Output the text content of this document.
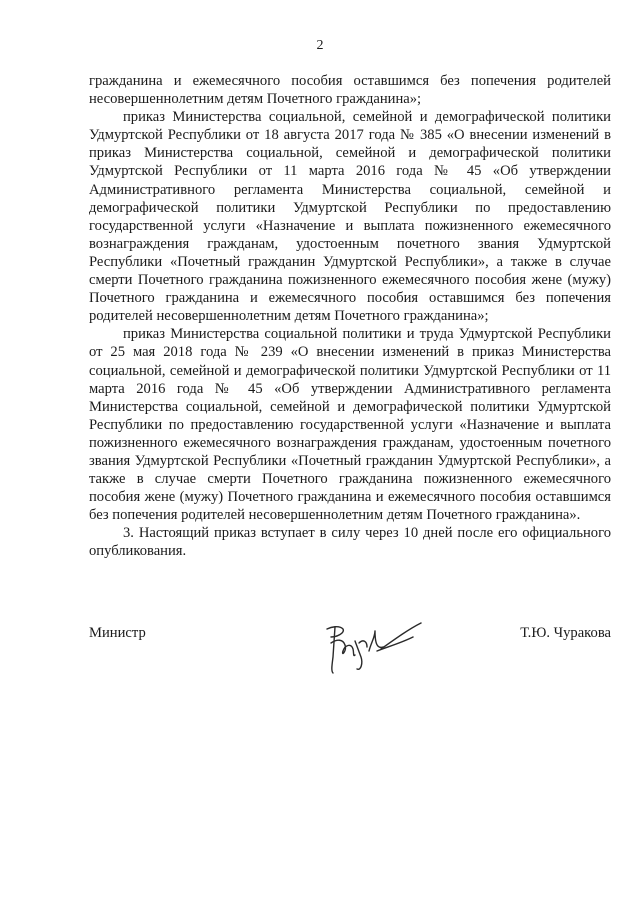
2

гражданина и ежемесячного пособия оставшимся без попечения родителей несовершеннолетним детям Почетного гражданина»;

приказ Министерства социальной, семейной и демографической политики Удмуртской Республики от 18 августа 2017 года № 385 «О внесении изменений в приказ Министерства социальной, семейной и демографической политики Удмуртской Республики от 11 марта 2016 года № 45 «Об утверждении Административного регламента Министерства социальной, семейной и демографической политики Удмуртской Республики по предоставлению государственной услуги «Назначение и выплата пожизненного ежемесячного вознаграждения гражданам, удостоенным почетного звания Удмуртской Республики «Почетный гражданин Удмуртской Республики», а также в случае смерти Почетного гражданина пожизненного ежемесячного пособия жене (мужу) Почетного гражданина и ежемесячного пособия оставшимся без попечения родителей несовершеннолетним детям Почетного гражданина»;

приказ Министерства социальной политики и труда Удмуртской Республики от 25 мая 2018 года № 239 «О внесении изменений в приказ Министерства социальной, семейной и демографической политики Удмуртской Республики от 11 марта 2016 года № 45 «Об утверждении Административного регламента Министерства социальной, семейной и демографической политики Удмуртской Республики по предоставлению государственной услуги «Назначение и выплата пожизненного ежемесячного вознаграждения гражданам, удостоенным почетного звания Удмуртской Республики «Почетный гражданин Удмуртской Республики», а также в случае смерти Почетного гражданина пожизненного ежемесячного пособия жене (мужу) Почетного гражданина и ежемесячного пособия оставшимся без попечения родителей несовершеннолетним детям Почетного гражданина».

3. Настоящий приказ вступает в силу через 10 дней после его официального опубликования.

Министр	Т.Ю. Чуракова
